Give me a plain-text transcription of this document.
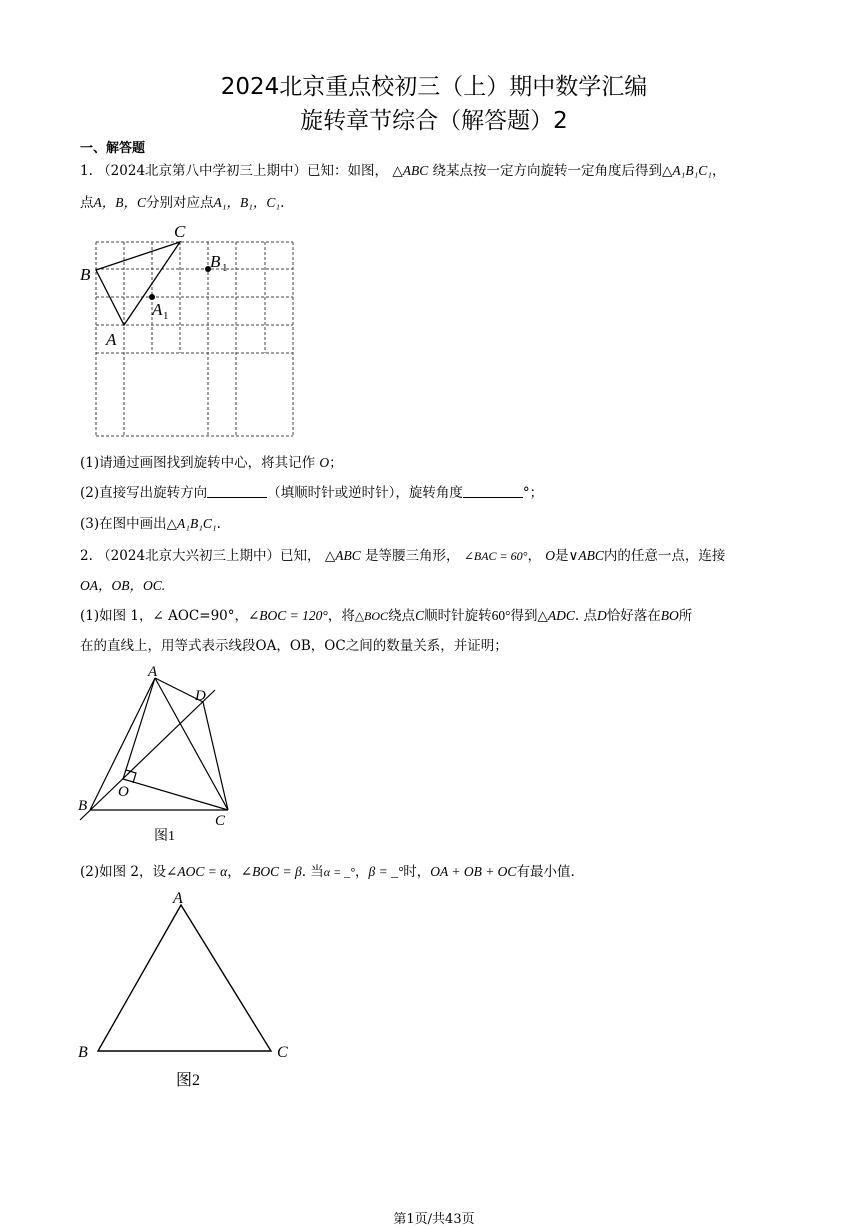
2024北京重点校初三（上）期中数学汇编
旋转章节综合（解答题）2
一、解答题
1. （2024北京第八中学初三上期中）已知：如图， △ABC 绕某点按一定方向旋转一定角度后得到△A₁B₁C₁，
点A，B，C分别对应点A₁，B₁，C₁.
C
B
A
B 1
A 1
(1)请通过画图找到旋转中心，将其记作 O；
(2)直接写出旋转方向	（填顺时针或逆时针），旋转角度	°；
(3)在图中画出△A₁B₁C₁.
2. （2024北京大兴初三上期中）已知， △ABC 是等腰三角形， ∠BAC = 60°， O是∨ABC内的任意一点，连接
OA，OB，OC.
(1)如图 1，∠ AOC=90°，∠BOC = 120°，将△BOC绕点C顺时针旋转60°得到△ADC. 点D恰好落在BO所
在的直线上，用等式表示线段OA，OB，OC之间的数量关系，并证明；
A
D
O
B
C
图1
(2)如图 2，设∠AOC = α，∠BOC = β. 当α = _°，β = _°时，OA + OB + OC有最小值.
A
B	C
图2
第1页/共43页
